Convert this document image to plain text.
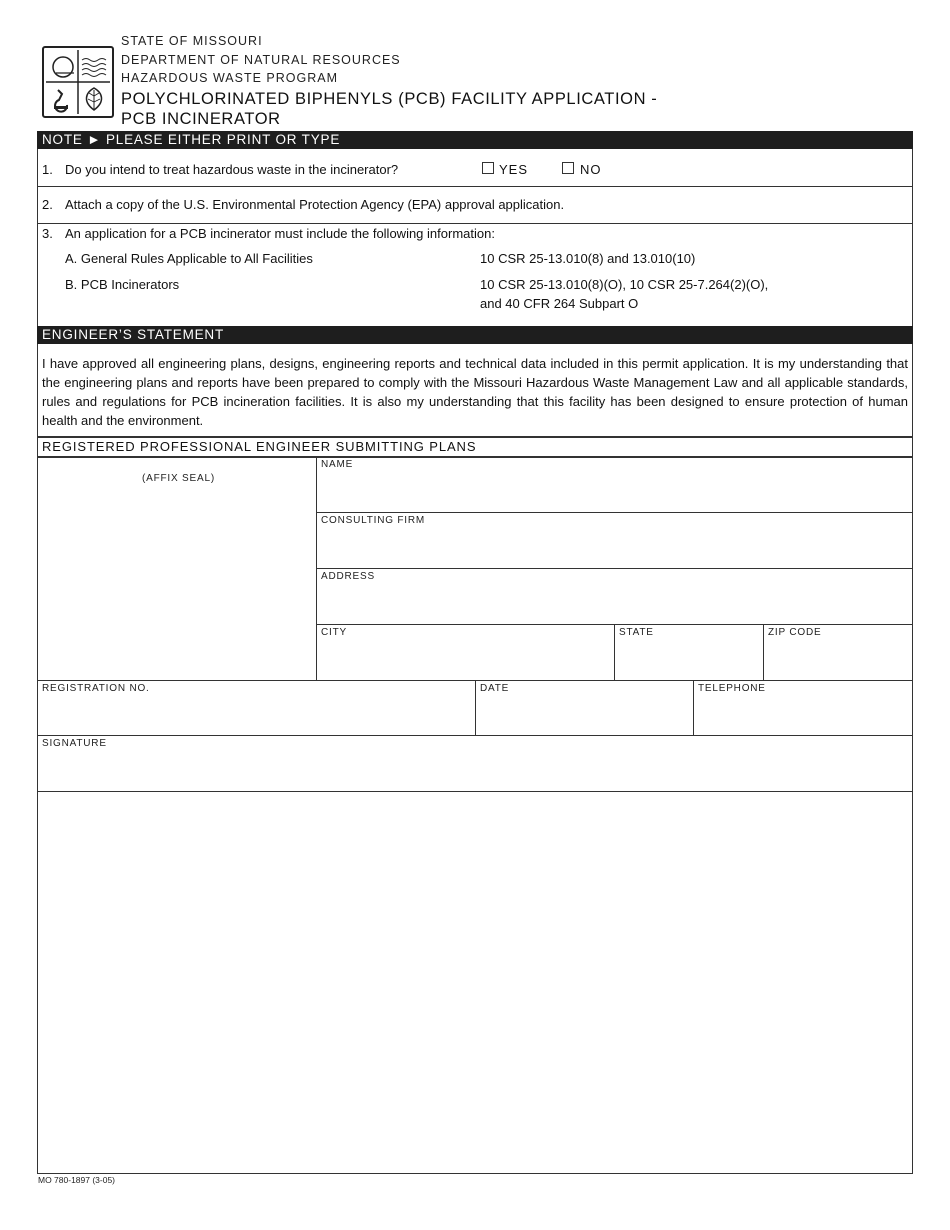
STATE OF MISSOURI
DEPARTMENT OF NATURAL RESOURCES
HAZARDOUS WASTE PROGRAM
POLYCHLORINATED BIPHENYLS (PCB) FACILITY APPLICATION -
PCB INCINERATOR
NOTE ► PLEASE EITHER PRINT OR TYPE
1. Do you intend to treat hazardous waste in the incinerator?	YES	NO
2. Attach a copy of the U.S. Environmental Protection Agency (EPA) approval application.
3. An application for a PCB incinerator must include the following information:
A. General Rules Applicable to All Facilities	10 CSR 25-13.010(8) and 13.010(10)
B. PCB Incinerators	10 CSR 25-13.010(8)(O), 10 CSR 25-7.264(2)(O),
and 40 CFR 264 Subpart O
ENGINEER’S STATEMENT
I have approved all engineering plans, designs, engineering reports and technical data included in this permit application. It is my understanding that the engineering plans and reports have been prepared to comply with the Missouri Hazardous Waste Management Law and all applicable standards, rules and regulations for PCB incineration facilities. It is also my understanding that this facility has been designed to ensure protection of human health and the environment.
REGISTERED PROFESSIONAL ENGINEER SUBMITTING PLANS
(AFFIX SEAL)
NAME
CONSULTING FIRM
ADDRESS
CITY	STATE	ZIP CODE
REGISTRATION NO.	DATE	TELEPHONE
SIGNATURE
MO 780-1897 (3-05)
